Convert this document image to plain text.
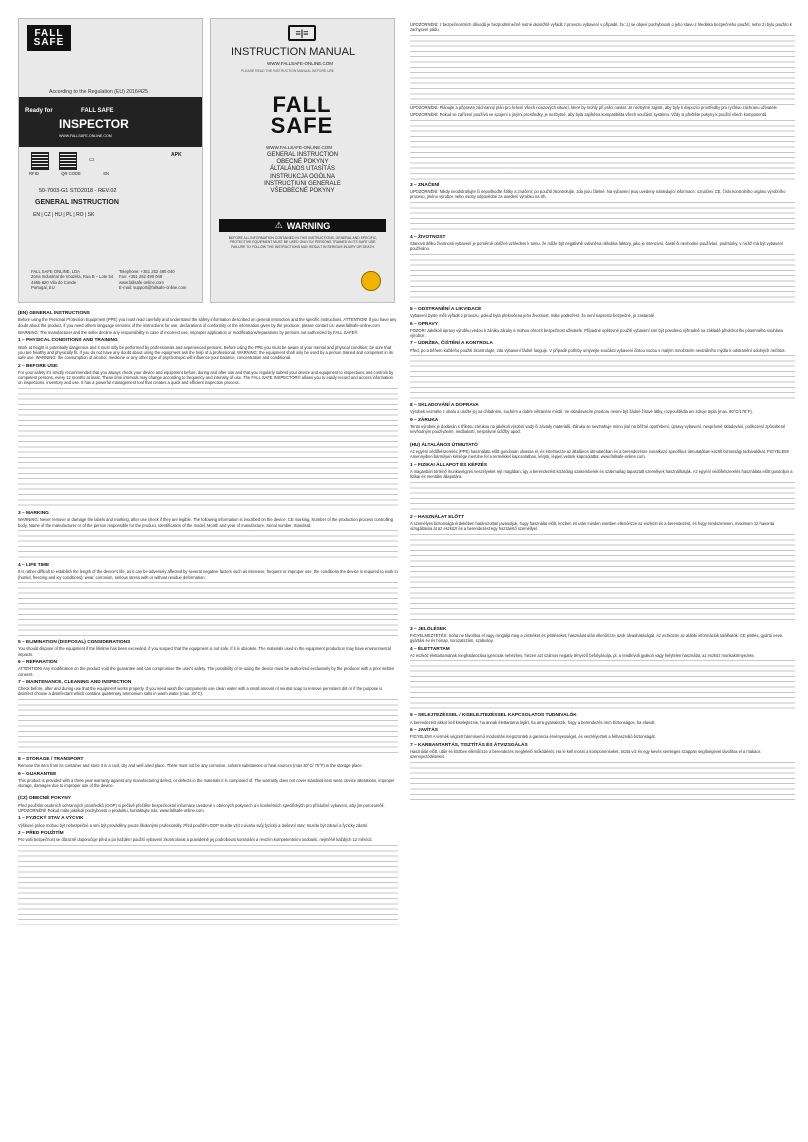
FALL
SAFE
According to the Regulation (EU) 2016/425
Ready for	FALL SAFE
INSPECTOR
WWW.FALLSAFE-ONLINE.COM
▭
RFID	QR CODE	SN
APK
50-7003-G1 STD2018 - REV.02
GENERAL INSTRUCTION
EN | CZ | HU | PL | RO | SK
FALL SAFE ONLINE, LDA
Zona Industrial de Vouzela, Rua B – Lote 54
4465-620 Vila do Conde
Portugal, EU
Telephone: +351 252 480 040
Fax: +351 252 480 049
www.fallsafe-online.com
E-mail: support@fallsafe-online.com
≡|≡
INSTRUCTION MANUAL
WWW.FALLSAFE-ONLINE.COM
PLEASE READ THE INSTRUCTION MANUAL BEFORE USE
FALL
SAFE
WWW.FALLSAFE-ONLINE.COM
GENERAL INSTRUCTION
OBECNÉ POKYNY
ÁLTALÁNOS UTASÍTÁS
INSTRUKCJA OGÓLNA
INSTRUCȚIUNI GENERALE
VŠEOBECNÉ POKYNY
⚠ WARNING
BEFORE ALL INFORMATION CONTAINED IN THIS INSTRUCTIONS, GENERAL AND SPECIFIC, PROTECTIVE EQUIPMENT MUST BE USED ONLY BY PERSONS TRAINED IN ITS SAFE USE. FAILURE TO FOLLOW THE INSTRUCTIONS MAY RESULT IN SERIOUS INJURY OR DEATH.
(EN) GENERAL INSTRUCTIONS

Before using the Personal Protection Equipment (PPE) you must read carefully and understand the safety information described on general instruction and the specific instructions. ATTENTION! If you have any doubt about the product, if you need others language versions of the instructions for use, declarations of conformity or the information given by the producer, please contact us: www.fallsafe-online.com

WARNING: The manufacturer and the seller decline any responsibility in case of incorrect use, improper application or modifications/reparations by persons not authorized by FALL SAFE®.

1 – PHYSICAL CONDITIONS AND TRAINING

Work at height is potentially dangerous and it must only be performed by professionals and experienced persons. Before using the PPE you must be aware of your mental and physical condition; be sure that you are healthy and physically fit. If you do not have any doubt about using the equipment ask the help of a professional. WARNING: the equipment shall only be used by a person trained and competent in its safe use. WARNING: the consumption of alcohol, medicine or any other type of psychotropic will influence your balance, concentration and conditional.

2 – BEFORE USE:

For your safety it's strictly recommended that you always check your device and equipment before, during and after use and that you regularly submit your device and equipment to inspections and controls by competent persons, every 12 months at least. These time intervals may change according to frequency and intensity of use. The FALL SAFE INSPECTOR® allows you to easily record and access information on inspections, inventory and use. It has a powerful management tool that creates a quick and efficient inspection process.

3 – MARKING

WARNING: Never remove or damage the labels and marking; after use check if they are legible. The following information is inscribed on the device: CE marking, Number of the production process controlling body, Name of the manufacturer or of the person responsible for the product, Identification of the model, Month and year of manufacture, Serial number, Standard.

4 – LIFE TIME

It is rather difficult to establish the length of the device's life, as it can be adversely affected by several negative factors such as intensive, frequent or improper use, the conditions the device is required to work in (humid, freezing and icy conditions), wear, corrosion, serious stress with or without residue deformation.

5 – ELIMINATION (DISPOSAL) CONSIDERATIONS

You should dispose of the equipment if the lifetime has been exceeded, if you suspect that the equipment is not safe, if it is obsolete. The materials used in the equipment production may have environmental impacts.

6 – REPARATION

ATTENTION! Any modification on the product void the guarantee and can compromise the user's safety. The possibility of re-using the device must be authorized exclusively by the producer with a prior written consent.

7 – MAINTENANCE, CLEANING AND INSPECTION

Check before, after and during use that the equipment works properly. If you need wash the components use clean water with a small amount of neutral soap to remove persistent dirt or if the purpose is disinfect choose a disinfectant which contains quaternary ammonium salts in warm water (max. 20°C).

8 – STORAGE / TRANSPORT

Remove the item from its container and store it in a cool, dry and well aired place. There must not be any corrosive, solvent substances or heat sources (max 30°C/ 75°F) in the storage place.

9 – GUARANTEE

This product is provided with a three year warranty against any manufacturing defect, or defects in the materials it is composed of. The warranty does not cover standard item wear, device alterations, improper storage, damages due to improper use of the device.

(CZ) OBECNÉ POKYNY

Před použitím osobních ochranných prostředků (OOP) si pečlivě přečtěte bezpečnostní informace uvedené v obecných pokynech a v konkrétních specifických pro příslušné vybavení, aby jim porozuměli. UPOZORNĚNÍ! Pokud máte jakékoli pochybnosti o produktu, kontaktujte nás: www.fallsafe-online.com.

1 – FYZICKÝ STAV A VÝCVIK

Výškové práce mohou být nebezpečné a smí být prováděny pouze školenými profesionály. Před použitím OOP musíte vzít v úvahu svůj fyzický a duševní stav; musíte být zdraví a fyzicky zdatní.

2 – PŘED POUŽITÍM

Pro vaši bezpečnost se důrazně doporučuje před a po každém použití vybavení zkontrolovat a pravidelně jej podrobovat kontrolám a revizím kompetentními osobami, nejméně každých 12 měsíců.

UPOZORNĚNÍ: z bezpečnostních důvodů je bezpodmínečně nutné okamžitě vyřadit z provozu vybavení v případě, že: 1) se objeví pochybnosti o jeho stavu z hlediska bezpečného použití, nebo 2) bylo použito k zachycení pádu.

UPOZORNĚNÍ: Plánujte a připravte záchranný plán pro řešení všech nouzových situací, které by mohly při práci nastat. Je nezbytné zajistit, aby byly k dispozici prostředky pro rychlou záchranu uživatele.

UPOZORNĚNÍ: Pokud se zařízení používá ve spojení s jinými prostředky, je nezbytné, aby byla zajištěna kompatibilita všech součástí systému. Vždy si přečtěte pokyny k použití všech komponentů.

3 – ZNAČENÍ

UPOZORNĚNÍ: Nikdy neodstraňujte či nepoškoďte štítky a značení; po použití zkontrolujte, zda jsou čitelné. Na vybavení jsou uvedeny následující informace: označení CE, číslo kontrolního orgánu výrobního procesu, jméno výrobce nebo osoby odpovědné za uvedení výrobku na trh.

4 – ŽIVOTNOST

Stanovit délku životnosti vybavení je poměrně obtížné vzhledem k tomu, že může být negativně ovlivněna několika faktory, jako je intenzivní, časté či nevhodné používání, podmínky, v nichž má být vybavení používáno.

5 – ODSTRANĚNÍ A LIKVIDACE

Vybavení byste měli vyřadit z provozu, pokud byla překročena jeho životnost; máte podezření, že není naprosto bezpečné, je zastaralé.

6 – OPRAVY

POZOR! Jakékoli úpravy výrobku vedou k zániku záruky a mohou ohrozit bezpečnost uživatele. Případné opětovné použití vybavení smí být povoleno výhradně na základě předchozího písemného souhlasu výrobce.

7 – ÚDRŽBA, ČIŠTĚNÍ A KONTROLA

Před, po a během každého použití zkontrolujte, zda vybavení řádně funguje. V případě potřeby umývejte součásti vybavení čistou vodou s malým množstvím neutrálního mýdla k odstranění odolných nečistot.

8 – SKLADOVÁNÍ A DOPRAVA

Výrobek vezměte z obalu a uložte jej na chladném, suchém a dobře větraném místě. Ve skladovacím prostoru nesmí být žádné žíravé látky, rozpouštědla ani zdroje tepla (max. 80°C/176°F).

9 – ZÁRUKA

Tento výrobek je dodáván s tříletou zárukou na jakékoli výrobní vady či závady materiálů. Záruka se nevztahuje mimo jiné na běžné opotřebení, úpravy vybavení, nesprávné skladování, poškození způsobené nevhodným používáním, nedbalostí, nesprávné údržby apod.

(HU) ÁLTALÁNOS ÚTMUTATÓ

Az egyéni védőfelszerelés (PPE) használata előtt gondosan olvassa el, és értelmezze az általános útmutatóban és a berendezésre vonatkozó specifikus útmutatóban közölt biztonsági tudnivalókat. FIGYELEM! Amennyiben bármilyen kétsége merülne fel a termékkel kapcsolatban, kérjük, lépjen velünk kapcsolatba: www.fallsafe-online.com.

1 – FIZIKAI ÁLLAPOT ÉS KÉPZÉS

A magasban történő munkavégzés veszélyeket rejt magában; így a berendezést kizárólag szakemberek és szakmailag tapasztalt személyek használhatják. Az egyéni védőfelszerelés használata előtt gondoljon a fizikai és mentális állapotára.

2 – HASZNÁLAT ELŐTT

A személyes biztonsága érdekében határozottan javasoljuk, hogy használat előtt, közben és után minden esetben ellenőrizze az eszközt és a berendezést, és hogy rendszeresen, maximum 12 havonta vizsgáltassa át az eszközt és a berendezést egy hozzáértő személlyel.

3 – JELÖLÉSEK

FIGYELMEZTETÉS: Soha ne távolítsa el vagy rongálja meg a címkéket és jelöléseket; használat után ellenőrizze azok olvashatóságát. Az eszközön az alábbi információk találhatók: CE jelölés, gyártó neve, gyártási év és hónap, sorozatszám, szabvány.

4 – ÉLETTARTAM

Az eszköz élettartamának meghatározása igencsak nehézkes, hiszen azt számos negatív tényező befolyásolja, pl. a rendkívüli gyakori vagy helytelen használat, az eszköz munkakörnyezete.

5 – SELEJTEZÉSSEL / KISELEJTEZÉSSEL KAPCSOLATOS TUDNIVALÓK

A berendezést akkor kell kiselejteznie, ha annak élettartama lejárt, ha arra gyanakszik, hogy a berendezés nem biztonságos, ha elavult.

6 – JAVÍTÁS

FIGYELEM! A termék végzett bárminemű módosítás megszünteti a garancia érvényességét, és veszélyezteti a felhasználó biztonságát.

7 – KARBANTARTÁS, TISZTÍTÁS ÉS ÁTVIZSGÁLÁS

Használat előtt, után és közben ellenőrizze a berendezés megfelelő működését. Ha le kell mosni a komponenseket, tiszta víz és egy kevés semleges szappan segítségével távolítsa el a makacs szennyeződéseket.
